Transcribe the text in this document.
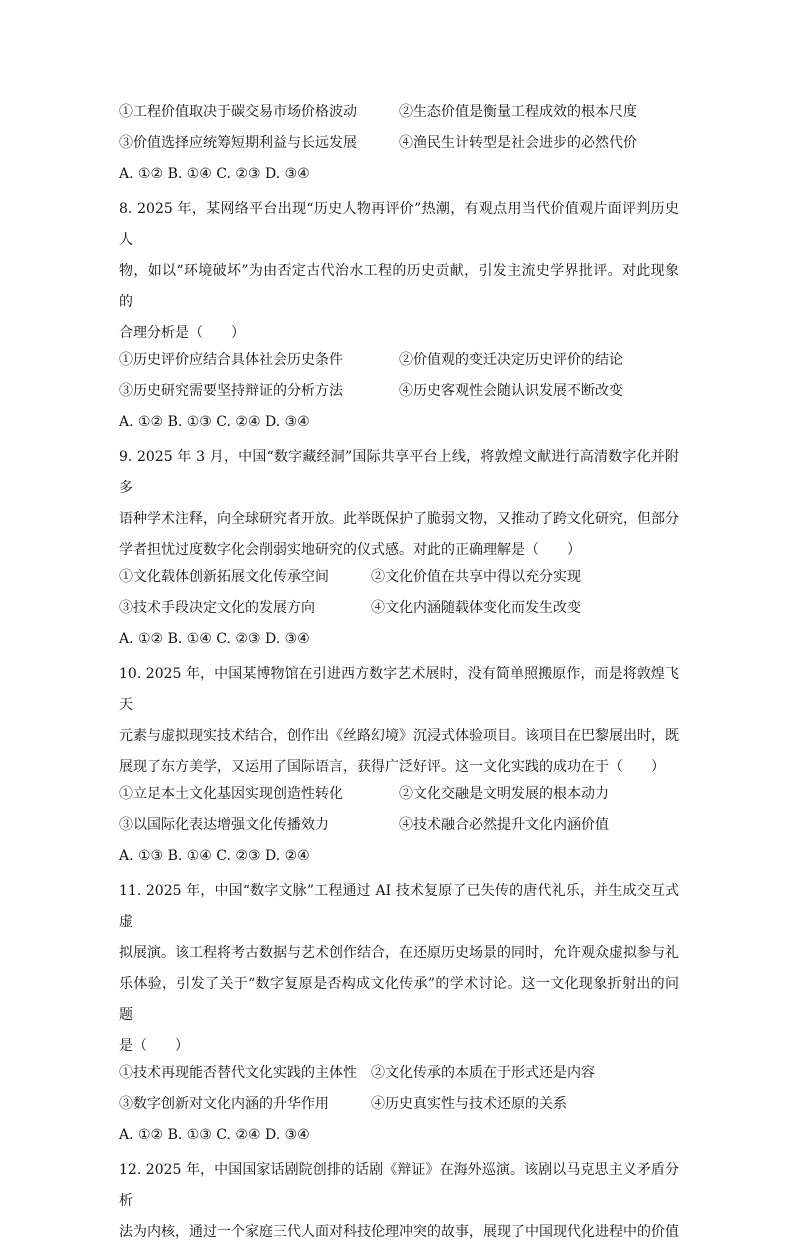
①工程价值取决于碳交易市场价格波动	②生态价值是衡量工程成效的根本尺度
③价值选择应统筹短期利益与长远发展	④渔民生计转型是社会进步的必然代价
A. ①② B. ①④ C. ②③ D. ③④
8. 2025 年，某网络平台出现“历史人物再评价”热潮，有观点用当代价值观片面评判历史人
物，如以“环境破坏”为由否定古代治水工程的历史贡献，引发主流史学界批评。对此现象的
合理分析是（　　）
①历史评价应结合具体社会历史条件	②价值观的变迁决定历史评价的结论
③历史研究需要坚持辩证的分析方法	④历史客观性会随认识发展不断改变
A. ①② B. ①③ C. ②④ D. ③④
9. 2025 年 3 月，中国“数字藏经洞”国际共享平台上线，将敦煌文献进行高清数字化并附多
语种学术注释，向全球研究者开放。此举既保护了脆弱文物，又推动了跨文化研究，但部分
学者担忧过度数字化会削弱实地研究的仪式感。对此的正确理解是（　　）
①文化载体创新拓展文化传承空间	②文化价值在共享中得以充分实现
③技术手段决定文化的发展方向	④文化内涵随载体变化而发生改变
A. ①② B. ①④ C. ②③ D. ③④
10. 2025 年，中国某博物馆在引进西方数字艺术展时，没有简单照搬原作，而是将敦煌飞天
元素与虚拟现实技术结合，创作出《丝路幻境》沉浸式体验项目。该项目在巴黎展出时，既
展现了东方美学，又运用了国际语言，获得广泛好评。这一文化实践的成功在于（　　）
①立足本土文化基因实现创造性转化	②文化交融是文明发展的根本动力
③以国际化表达增强文化传播效力	④技术融合必然提升文化内涵价值
A. ①③ B. ①④ C. ②③ D. ②④
11. 2025 年，中国“数字文脉”工程通过 AI 技术复原了已失传的唐代礼乐，并生成交互式虚
拟展演。该工程将考古数据与艺术创作结合，在还原历史场景的同时，允许观众虚拟参与礼
乐体验，引发了关于“数字复原是否构成文化传承”的学术讨论。这一文化现象折射出的问题
是（　　）
①技术再现能否替代文化实践的主体性	②文化传承的本质在于形式还是内容
③数字创新对文化内涵的升华作用	④历史真实性与技术还原的关系
A. ①② B. ①③ C. ②④ D. ③④
12. 2025 年，中国国家话剧院创排的话剧《辩证》在海外巡演。该剧以马克思主义矛盾分析
法为内核，通过一个家庭三代人面对科技伦理冲突的故事，展现了中国现代化进程中的价值
